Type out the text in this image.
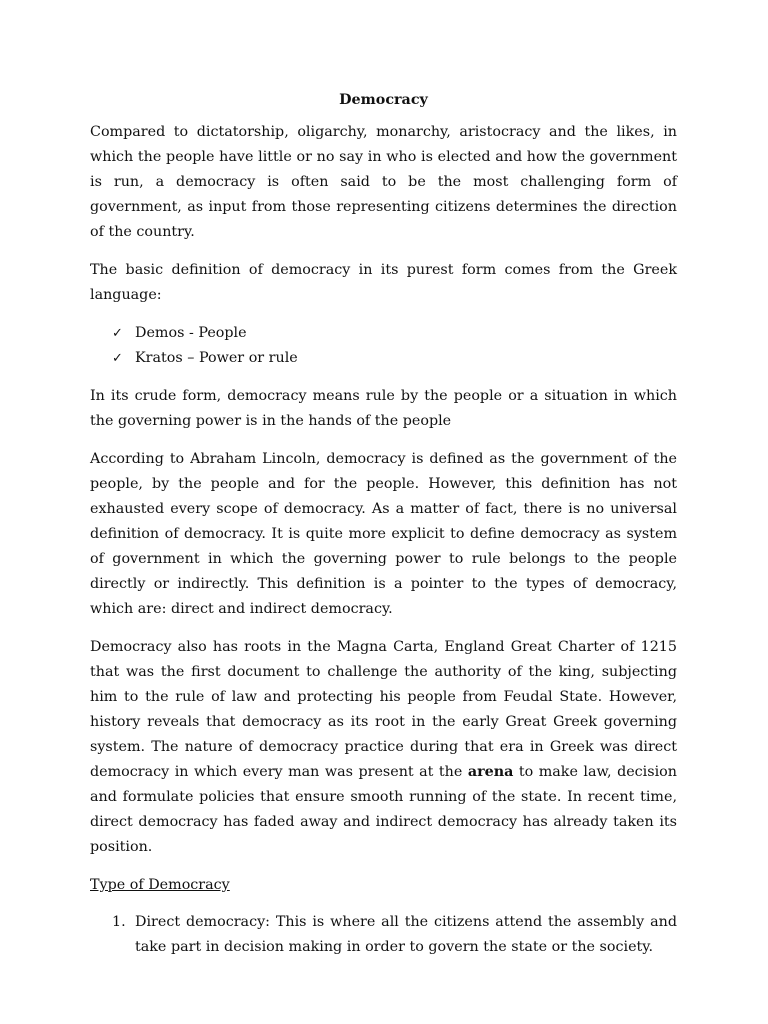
Democracy

Compared to dictatorship, oligarchy, monarchy, aristocracy and the likes, in which the people have little or no say in who is elected and how the government is run, a democracy is often said to be the most challenging form of government, as input from those representing citizens determines the direction of the country.

The basic definition of democracy in its purest form comes from the Greek language:

✓ Demos - People
✓ Kratos – Power or rule

In its crude form, democracy means rule by the people or a situation in which the governing power is in the hands of the people

According to Abraham Lincoln, democracy is defined as the government of the people, by the people and for the people. However, this definition has not exhausted every scope of democracy. As a matter of fact, there is no universal definition of democracy. It is quite more explicit to define democracy as system of government in which the governing power to rule belongs to the people directly or indirectly. This definition is a pointer to the types of democracy, which are: direct and indirect democracy.

Democracy also has roots in the Magna Carta, England Great Charter of 1215 that was the first document to challenge the authority of the king, subjecting him to the rule of law and protecting his people from Feudal State. However, history reveals that democracy as its root in the early Great Greek governing system. The nature of democracy practice during that era in Greek was direct democracy in which every man was present at the arena to make law, decision and formulate policies that ensure smooth running of the state. In recent time, direct democracy has faded away and indirect democracy has already taken its position.

Type of Democracy
1. Direct democracy: This is where all the citizens attend the assembly and take part in decision making in order to govern the state or the society.
